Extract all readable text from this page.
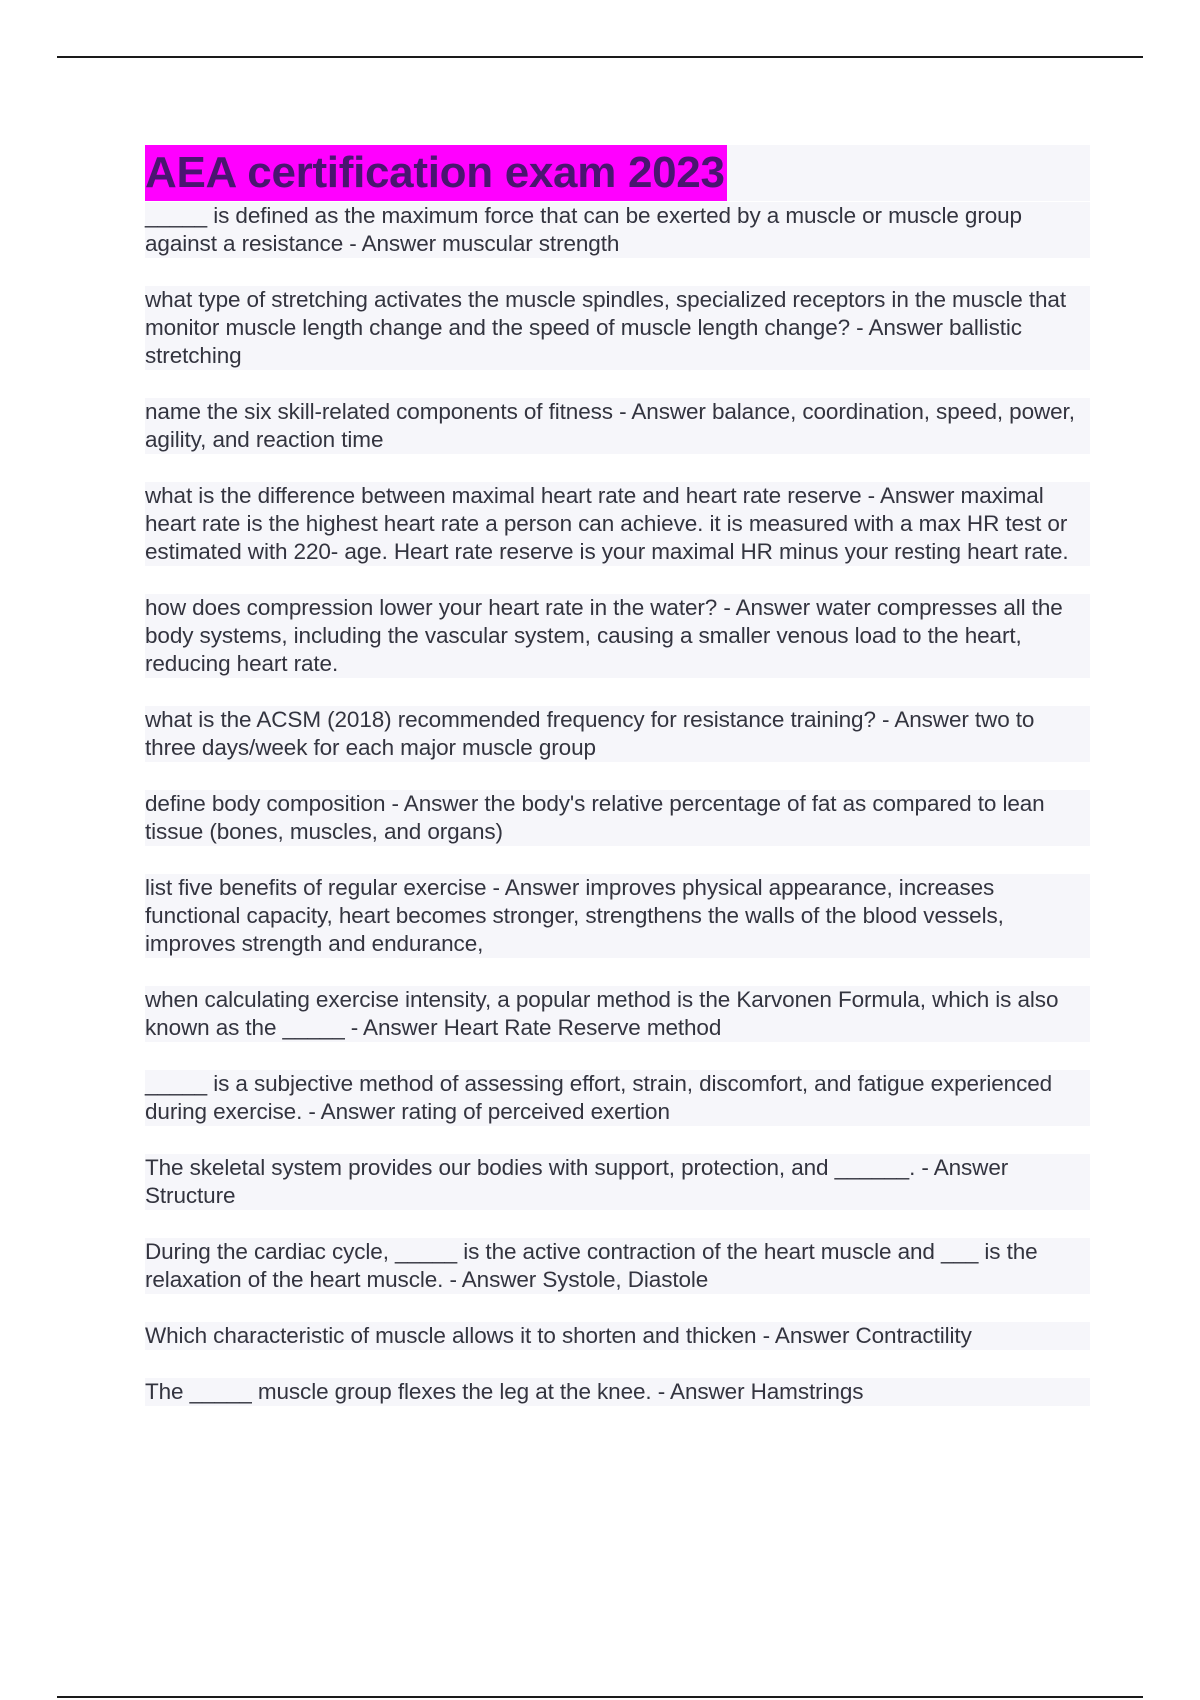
AEA certification exam 2023

_____ is defined as the maximum force that can be exerted by a muscle or muscle group against a resistance - Answer muscular strength

what type of stretching activates the muscle spindles, specialized receptors in the muscle that monitor muscle length change and the speed of muscle length change? - Answer ballistic stretching

name the six skill-related components of fitness - Answer balance, coordination, speed, power, agility, and reaction time

what is the difference between maximal heart rate and heart rate reserve - Answer maximal heart rate is the highest heart rate a person can achieve. it is measured with a max HR test or estimated with 220- age. Heart rate reserve is your maximal HR minus your resting heart rate.

how does compression lower your heart rate in the water? - Answer water compresses all the body systems, including the vascular system, causing a smaller venous load to the heart, reducing heart rate.

what is the ACSM (2018) recommended frequency for resistance training? - Answer two to three days/week for each major muscle group

define body composition - Answer the body's relative percentage of fat as compared to lean tissue (bones, muscles, and organs)

list five benefits of regular exercise - Answer improves physical appearance, increases functional capacity, heart becomes stronger, strengthens the walls of the blood vessels, improves strength and endurance,

when calculating exercise intensity, a popular method is the Karvonen Formula, which is also known as the _____ - Answer Heart Rate Reserve method

_____ is a subjective method of assessing effort, strain, discomfort, and fatigue experienced during exercise. - Answer rating of perceived exertion

The skeletal system provides our bodies with support, protection, and ______. - Answer Structure

During the cardiac cycle, _____ is the active contraction of the heart muscle and ___ is the relaxation of the heart muscle. - Answer Systole, Diastole

Which characteristic of muscle allows it to shorten and thicken - Answer Contractility

The _____ muscle group flexes the leg at the knee. - Answer Hamstrings
